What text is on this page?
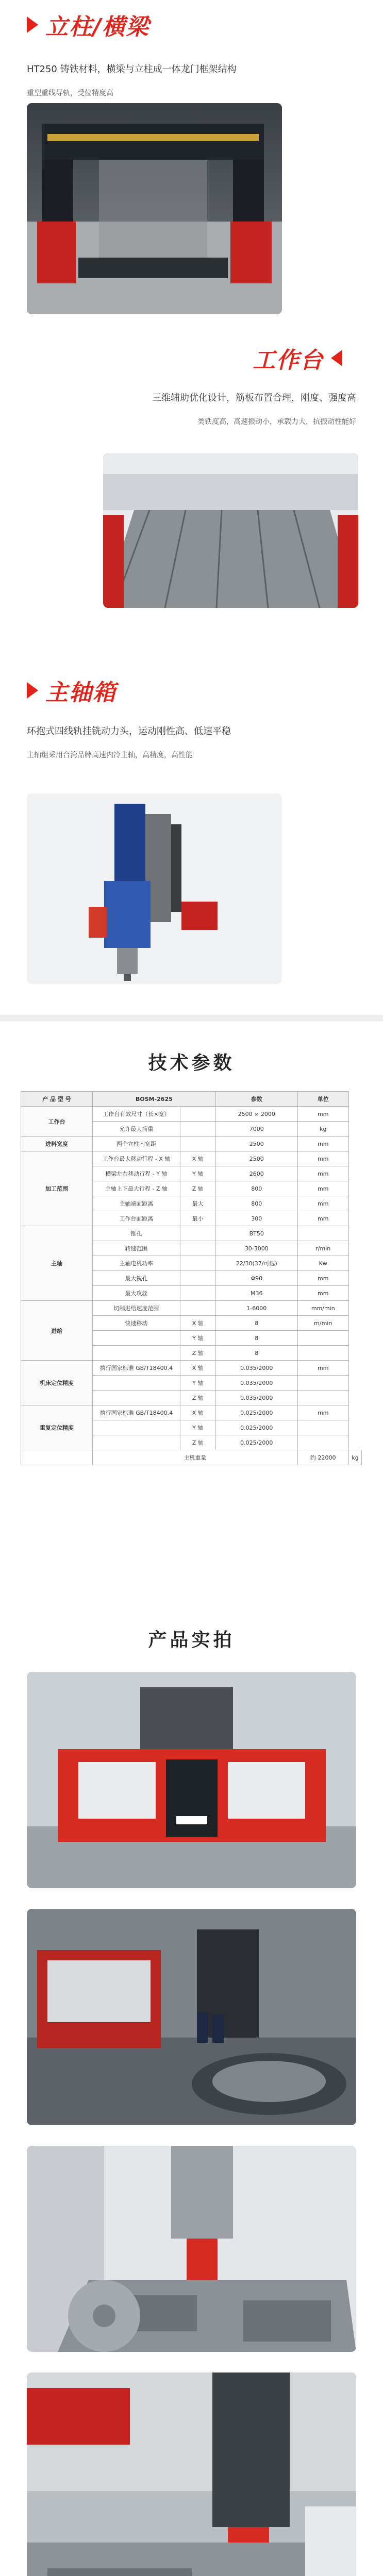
立柱/横梁
HT250 铸铁材料，横梁与立柱成一体龙门框架结构
重型重线导轨，受位精度高
工作台
三维辅助优化设计，筋板布置合理，刚度、强度高
类铁度高，高速振动小，承载力大，抗振动性能好
主轴箱
环抱式四线轨挂铣动力头，运动刚性高、低速平稳
主轴组采用台湾品牌高速内冷主轴，高精度，高性能
技术参数
产 品 型 号	BOSM-2625		参数	单位	
工作台	工作台有效尺寸（长×宽）		2500 × 2000	mm	
	允许最大荷重		7000	kg	
进料宽度	两个立柱内宽距		2500	mm	
加工范围	工作台最大移动行程 - X 轴	X 轴	2500	mm	
	横梁左右移动行程 - Y 轴	Y 轴	2600	mm	
	主轴上下最大行程 - Z 轴	Z 轴	800	mm	
	主轴端面距离	最大	800	mm	
	工作台面距离	最小	300	mm	
主轴	锥孔		BT50		
	转速范围		30-3000	r/min	
	主轴电机功率		22/30(37/可选)	Kw	
	最大铣孔		Φ90	mm	
	最大攻丝		M36	mm	
进给	切削进给速度范围		1-6000	mm/min	
	快速移动	X 轴	8	m/min	
		Y 轴	8		
		Z 轴	8		
机床定位精度	执行国家标准 GB/T18400.4	X 轴	0.035/2000	mm	
		Y 轴	0.035/2000		
		Z 轴	0.035/2000		
重复定位精度	执行国家标准 GB/T18400.4	X 轴	0.025/2000	mm	
		Y 轴	0.025/2000		
		Z 轴	0.025/2000		
	主机重量			约 22000	kg
产品实拍
